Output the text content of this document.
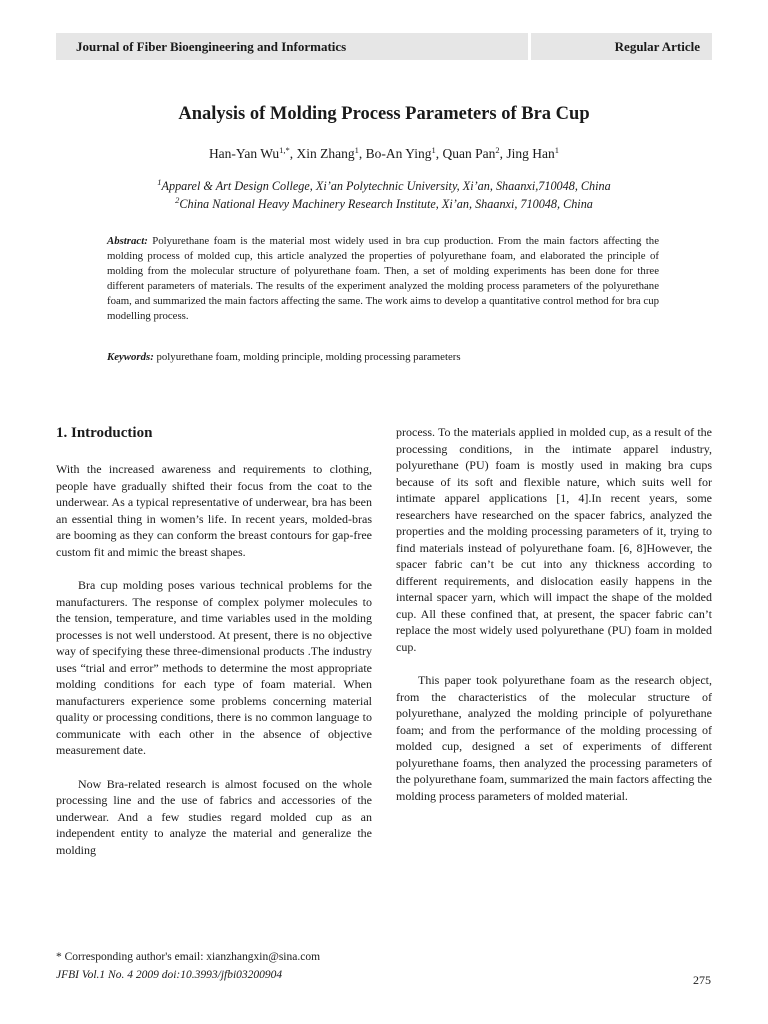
Journal of Fiber Bioengineering and Informatics	Regular Article
Analysis of Molding Process Parameters of Bra Cup
Han-Yan $Wu^{1,*}$, Xin Zhang$^1$, Bo-An Ying$^1$, Quan Pan$^2$, Jing Han$^1$
$^1$Apparel & Art Design College, Xi’an Polytechnic University, Xi’an, Shaanxi,710048, China
$^2$China National Heavy Machinery Research Institute, Xi’an, Shaanxi, 710048, China
Abstract: Polyurethane foam is the material most widely used in bra cup production. From the main factors affecting the molding process of molded cup, this article analyzed the properties of polyurethane foam, and elaborated the principle of molding from the molecular structure of polyurethane foam. Then, a set of molding experiments has been done for three different parameters of materials. The results of the experiment analyzed the molding process parameters of the polyurethane foam, and summarized the main factors affecting the same. The work aims to develop a quantitative control method for bra cup modelling process.
Keywords: polyurethane foam, molding principle, molding processing parameters
1. Introduction

With the increased awareness and requirements to clothing, people have gradually shifted their focus from the coat to the underwear. As a typical representative of underwear, bra has been an essential thing in women’s life. In recent years, molded-bras are booming as they can conform the breast contours for gap-free custom fit and mimic the breast shapes.

Bra cup molding poses various technical problems for the manufacturers. The response of complex polymer molecules to the tension, temperature, and time variables used in the molding processes is not well understood. At present, there is no objective way of specifying these three-dimensional products .The industry uses “trial and error” methods to determine the most appropriate molding conditions for each type of foam material. When manufacturers experience some problems concerning material quality or processing conditions, there is no common language to communicate with each other in the absence of objective measurement date.

Now Bra-related research is almost focused on the whole processing line and the use of fabrics and accessories of the underwear. And a few studies regard molded cup as an independent entity to analyze the material and generalize the molding

process. To the materials applied in molded cup, as a result of the processing conditions, in the intimate apparel industry, polyurethane (PU) foam is mostly used in making bra cups because of its soft and flexible nature, which suits well for intimate apparel applications [1, 4].In recent years, some researchers have researched on the spacer fabrics, analyzed the properties and the molding processing parameters of it, trying to find materials instead of polyurethane foam. [6, 8]However, the spacer fabric can’t be cut into any thickness according to different requirements, and dislocation easily happens in the internal spacer yarn, which will impact the shape of the molded cup. All these confined that, at present, the spacer fabric can’t replace the most widely used polyurethane (PU) foam in molded cup.

This paper took polyurethane foam as the research object, from the characteristics of the molecular structure of polyurethane, analyzed the molding principle of polyurethane foam; and from the performance of the molding processing of molded cup, designed a set of experiments of different polyurethane foams, then analyzed the processing parameters of the polyurethane foam, summarized the main factors affecting the molding process parameters of molded material.

* Corresponding author's email: xianzhangxin@sina.com
JFBI Vol.1 No. 4 2009 doi:10.3993/jfbi03200904	275
